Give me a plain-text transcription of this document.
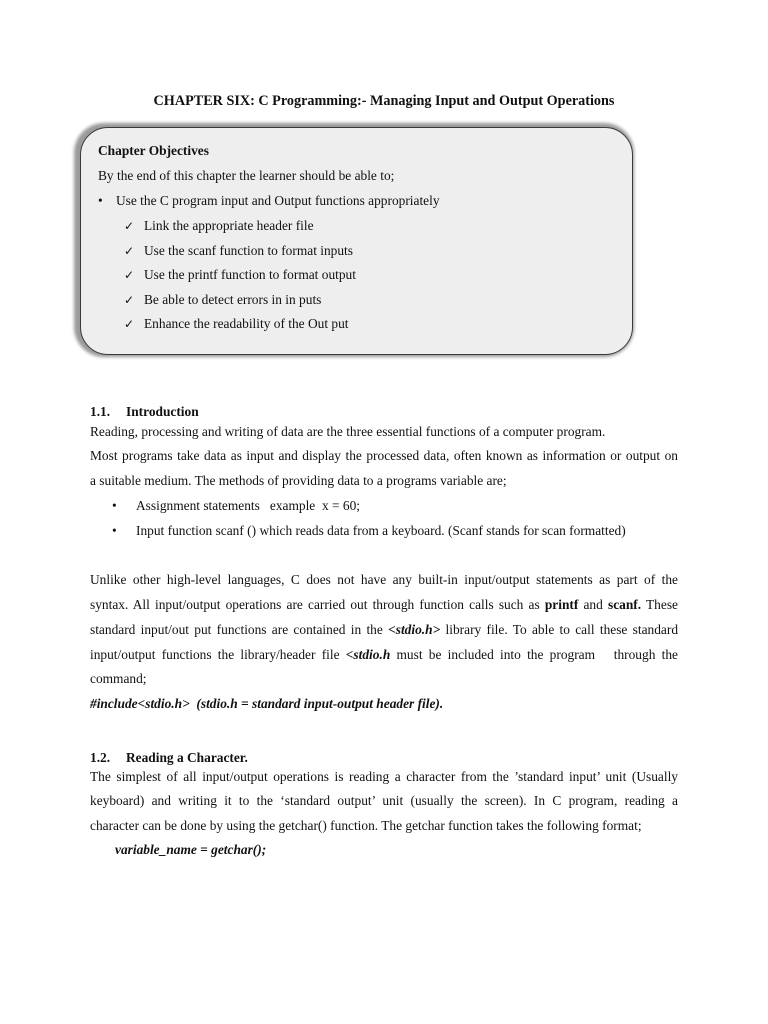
CHAPTER SIX: C Programming:- Managing Input and Output Operations

Chapter Objectives

By the end of this chapter the learner should be able to;

• Use the C program input and Output functions appropriately

✓ Link the appropriate header file

✓ Use the scanf function to format inputs

✓ Use the printf function to format output

✓ Be able to detect errors in in puts

✓ Enhance the readability of the Out put

1.1. Introduction

Reading, processing and writing of data are the three essential functions of a computer program.

Most programs take data as input and display the processed data, often known as information or output on

a suitable medium. The methods of providing data to a programs variable are;

• Assignment statements   example  x = 60;

• Input function scanf () which reads data from a keyboard. (Scanf stands for scan formatted)

Unlike other high-level languages, C does not have any built-in input/output statements as part of the

syntax. All input/output operations are carried out through function calls such as printf and scanf. These

standard input/out put functions are contained in the <stdio.h> library file. To able to call these standard

input/output functions the library/header file <stdio.h must be included into the program   through the

command;

#include<stdio.h>  (stdio.h = standard input-output header file).

1.2. Reading a Character.

The simplest of all input/output operations is reading a character from the ’standard input’ unit (Usually

keyboard) and writing it to the ‘standard output’ unit (usually the screen). In C program, reading a

character can be done by using the getchar() function. The getchar function takes the following format;

variable_name = getchar();
